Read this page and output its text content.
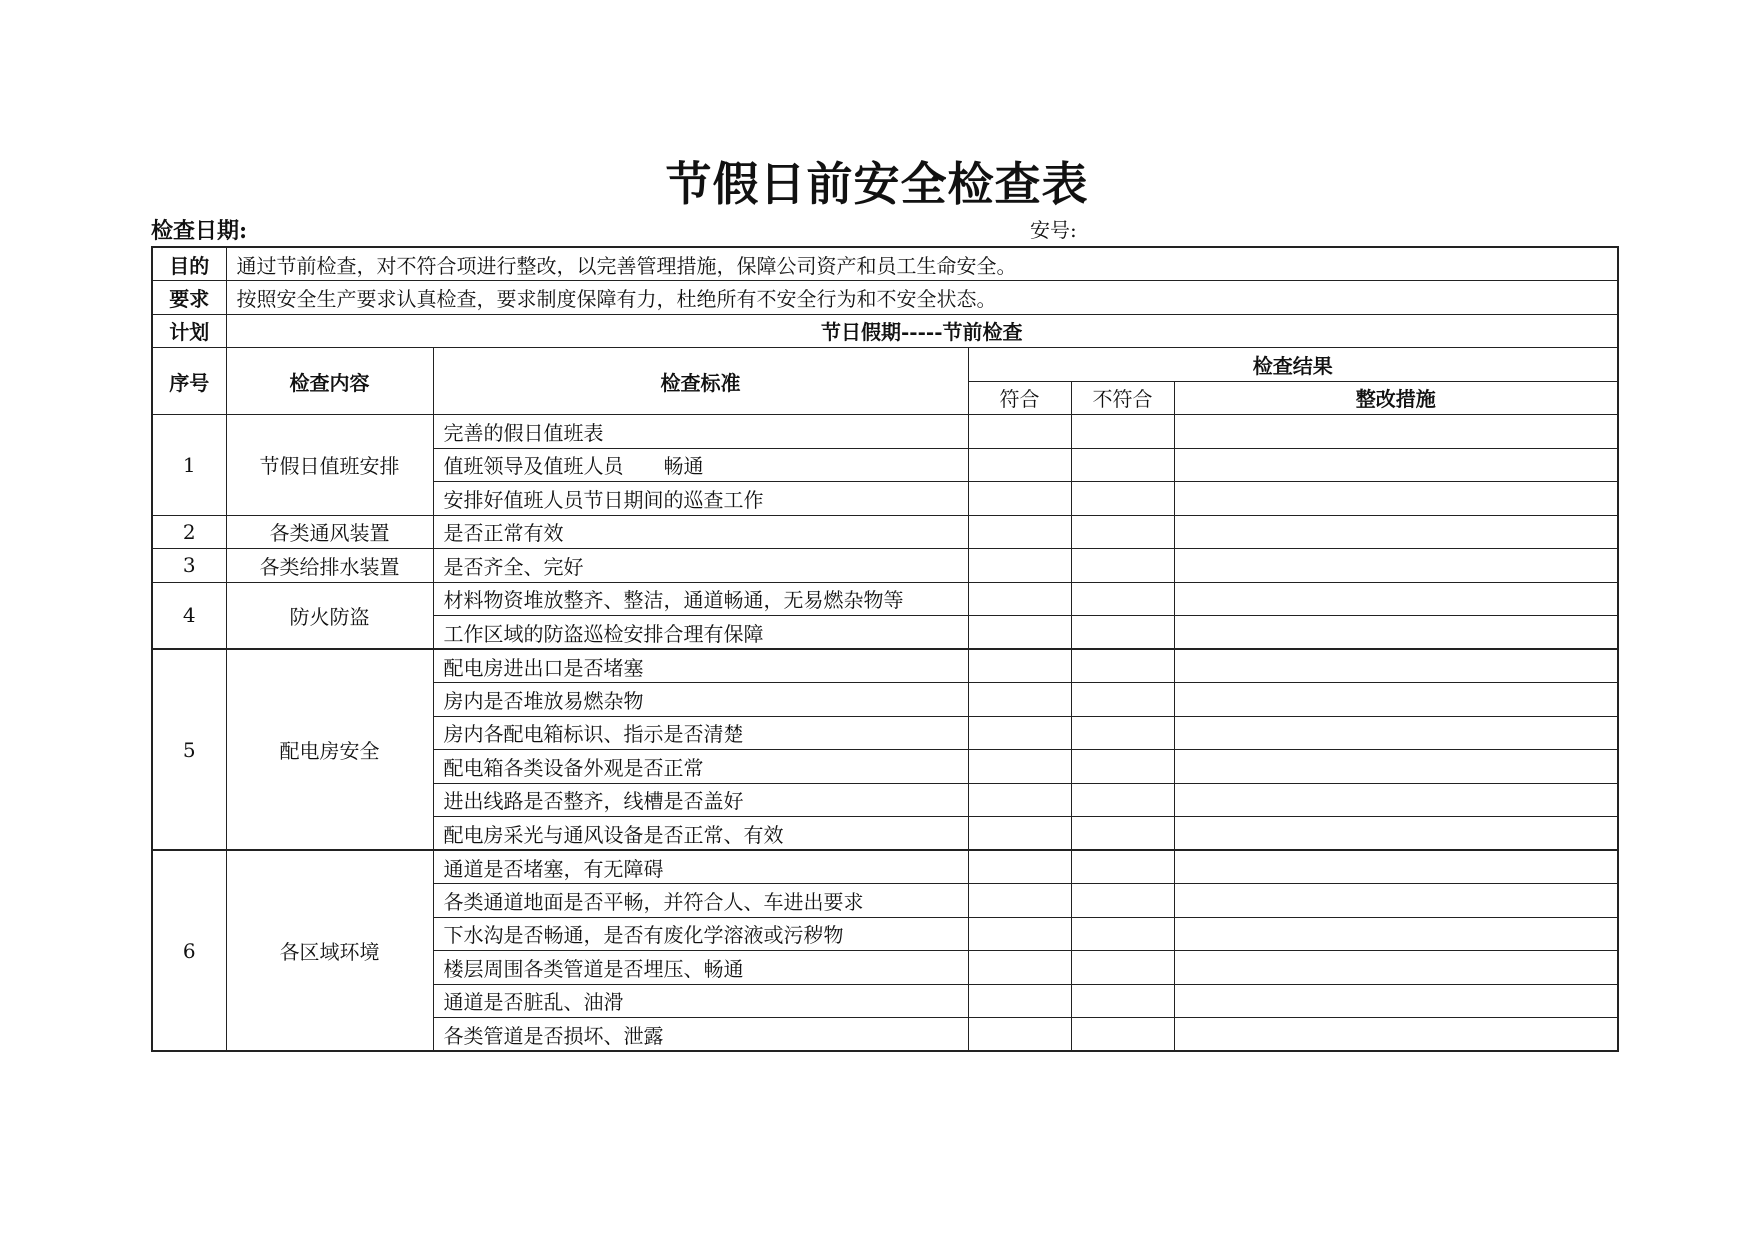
节假日前安全检查表
检查日期:	安号:
目的	通过节前检查，对不符合项进行整改，以完善管理措施，保障公司资产和员工生命安全。				
要求	按照安全生产要求认真检查，要求制度保障有力，杜绝所有不安全行为和不安全状态。				
计划	节日假期-----节前检查				
序号	检查内容	检查标准	检查结果		
			符合	不符合	整改措施
1	节假日值班安排	完善的假日值班表			
		值班领导及值班人员　　畅通			
		安排好值班人员节日期间的巡查工作			
2	各类通风装置	是否正常有效			
3	各类给排水装置	是否齐全、完好			
4	防火防盗	材料物资堆放整齐、整洁，通道畅通，无易燃杂物等			
		工作区域的防盗巡检安排合理有保障			
5	配电房安全	配电房进出口是否堵塞			
		房内是否堆放易燃杂物			
		房内各配电箱标识、指示是否清楚			
		配电箱各类设备外观是否正常			
		进出线路是否整齐，线槽是否盖好			
		配电房采光与通风设备是否正常、有效			
6	各区域环境	通道是否堵塞，有无障碍			
		各类通道地面是否平畅，并符合人、车进出要求			
		下水沟是否畅通，是否有废化学溶液或污秽物			
		楼层周围各类管道是否埋压、畅通			
		通道是否脏乱、油滑			
		各类管道是否损坏、泄露			
